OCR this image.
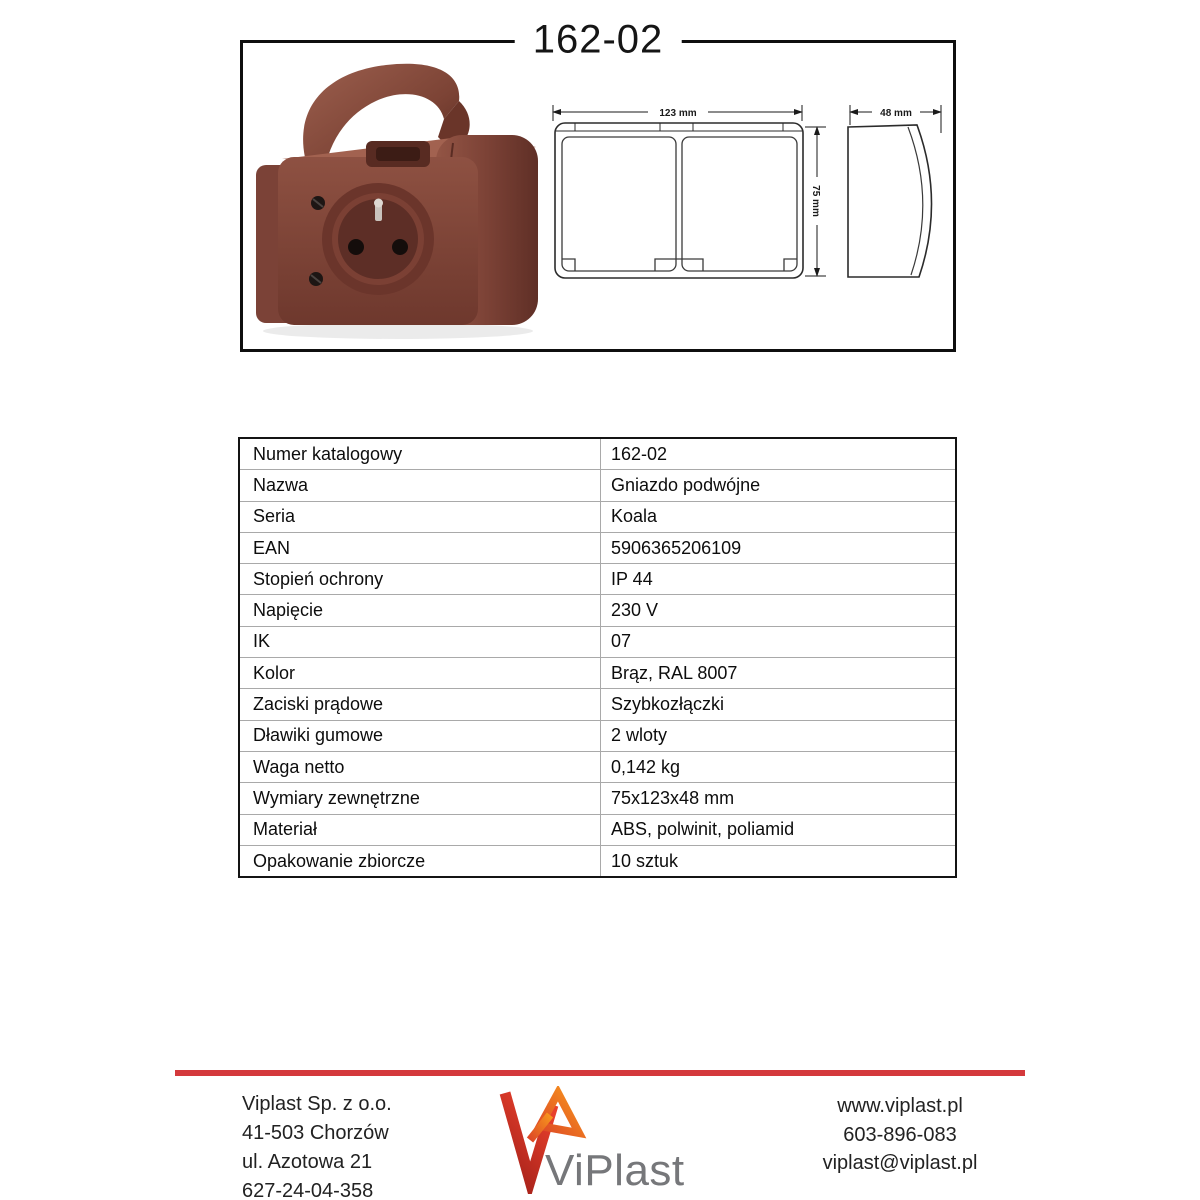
162-02
123 mm
75 mm
48 mm
Numer katalogowy	162-02
Nazwa	Gniazdo podwójne
Seria	Koala
EAN	5906365206109
Stopień ochrony	IP 44
Napięcie	230 V
IK	07
Kolor	Brąz, RAL 8007
Zaciski prądowe	Szybkozłączki
Dławiki gumowe	2 wloty
Waga netto	0,142 kg
Wymiary zewnętrzne	75x123x48 mm
Materiał	ABS, polwinit, poliamid
Opakowanie zbiorcze	10 sztuk
Viplast Sp. z o.o.
41-503 Chorzów
ul. Azotowa 21
627-24-04-358	ViPlast
www.viplast.pl
603-896-083
viplast@viplast.pl
